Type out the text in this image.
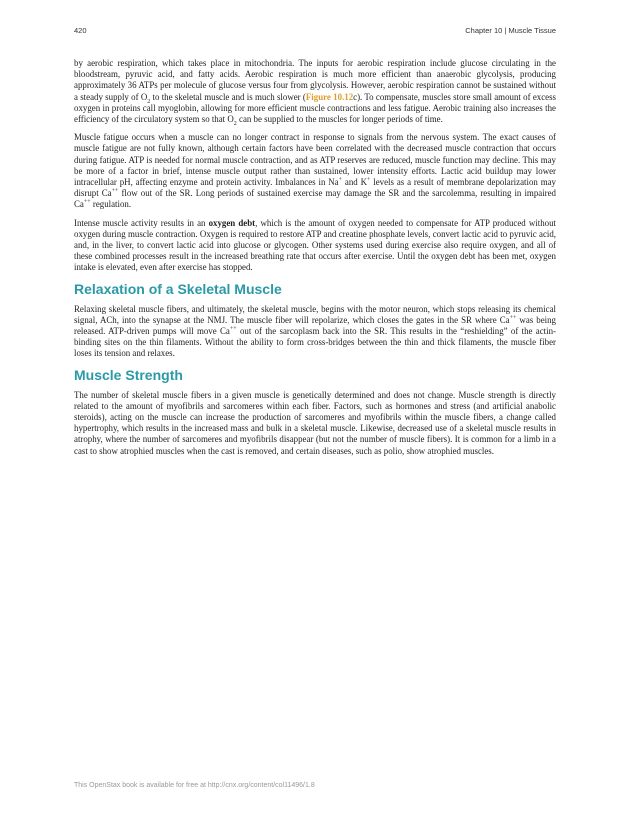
420	Chapter 10 | Muscle Tissue

by aerobic respiration, which takes place in mitochondria. The inputs for aerobic respiration include glucose circulating in the bloodstream, pyruvic acid, and fatty acids. Aerobic respiration is much more efficient than anaerobic glycolysis, producing approximately 36 ATPs per molecule of glucose versus four from glycolysis. However, aerobic respiration cannot be sustained without a steady supply of $O_2$ to the skeletal muscle and is much slower (Figure 10.12c). To compensate, muscles store small amount of excess oxygen in proteins call myoglobin, allowing for more efficient muscle contractions and less fatigue. Aerobic training also increases the efficiency of the circulatory system so that $O_2$ can be supplied to the muscles for longer periods of time.

Muscle fatigue occurs when a muscle can no longer contract in response to signals from the nervous system. The exact causes of muscle fatigue are not fully known, although certain factors have been correlated with the decreased muscle contraction that occurs during fatigue. ATP is needed for normal muscle contraction, and as ATP reserves are reduced, muscle function may decline. This may be more of a factor in brief, intense muscle output rather than sustained, lower intensity efforts. Lactic acid buildup may lower intracellular pH, affecting enzyme and protein activity. Imbalances in Na+ and K+ levels as a result of membrane depolarization may disrupt Ca++ flow out of the SR. Long periods of sustained exercise may damage the SR and the sarcolemma, resulting in impaired Ca++ regulation.

Intense muscle activity results in an oxygen debt, which is the amount of oxygen needed to compensate for ATP produced without oxygen during muscle contraction. Oxygen is required to restore ATP and creatine phosphate levels, convert lactic acid to pyruvic acid, and, in the liver, to convert lactic acid into glucose or glycogen. Other systems used during exercise also require oxygen, and all of these combined processes result in the increased breathing rate that occurs after exercise. Until the oxygen debt has been met, oxygen intake is elevated, even after exercise has stopped.

Relaxation of a Skeletal Muscle

Relaxing skeletal muscle fibers, and ultimately, the skeletal muscle, begins with the motor neuron, which stops releasing its chemical signal, ACh, into the synapse at the NMJ. The muscle fiber will repolarize, which closes the gates in the SR where Ca++ was being released. ATP-driven pumps will move Ca++ out of the sarcoplasm back into the SR. This results in the “reshielding” of the actin-binding sites on the thin filaments. Without the ability to form cross-bridges between the thin and thick filaments, the muscle fiber loses its tension and relaxes.

Muscle Strength

The number of skeletal muscle fibers in a given muscle is genetically determined and does not change. Muscle strength is directly related to the amount of myofibrils and sarcomeres within each fiber. Factors, such as hormones and stress (and artificial anabolic steroids), acting on the muscle can increase the production of sarcomeres and myofibrils within the muscle fibers, a change called hypertrophy, which results in the increased mass and bulk in a skeletal muscle. Likewise, decreased use of a skeletal muscle results in atrophy, where the number of sarcomeres and myofibrils disappear (but not the number of muscle fibers). It is common for a limb in a cast to show atrophied muscles when the cast is removed, and certain diseases, such as polio, show atrophied muscles.

This OpenStax book is available for free at http://cnx.org/content/col11496/1.8
